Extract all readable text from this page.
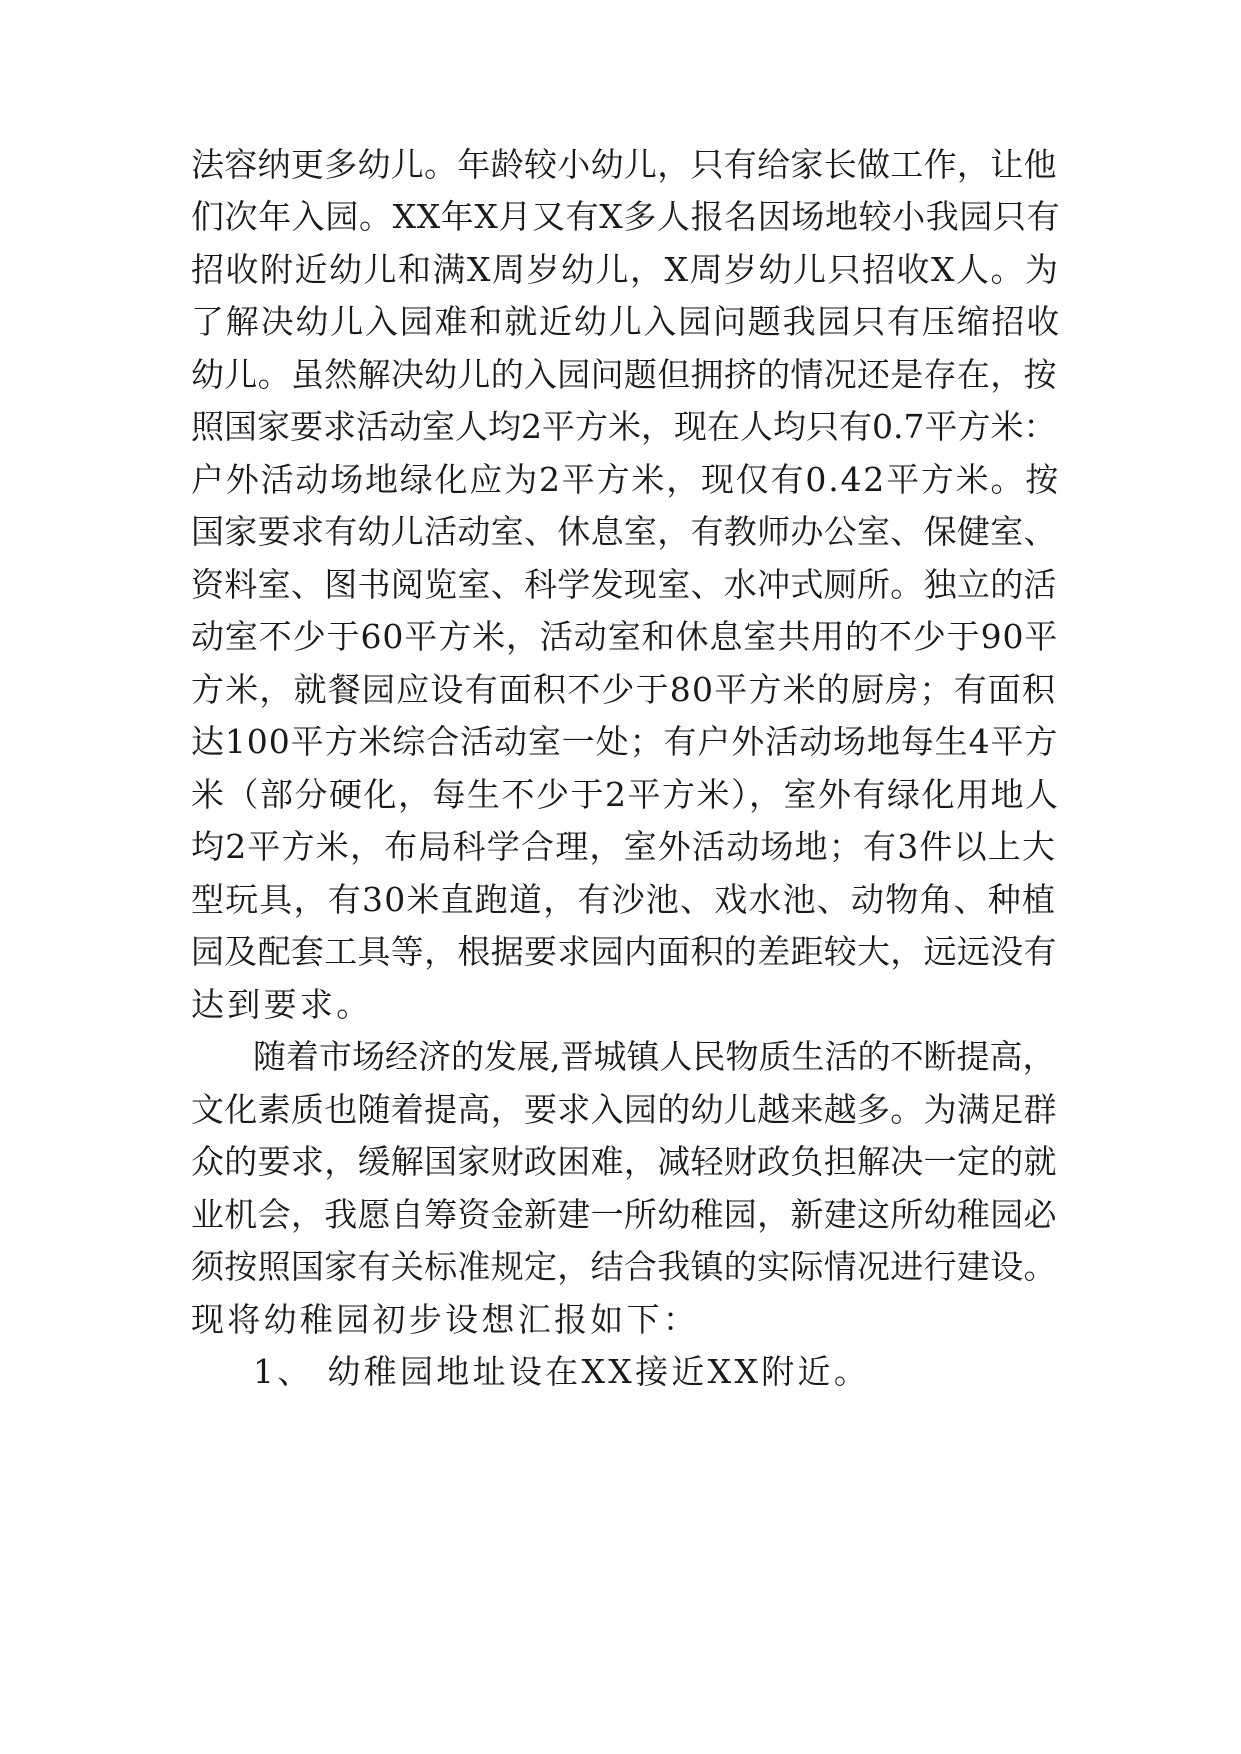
法容纳更多幼儿。年龄较小幼儿，只有给家长做工作，让他
们次年入园。XX年X月又有X多人报名因场地较小我园只有
招收附近幼儿和满X周岁幼儿，X周岁幼儿只招收X人。为
了解决幼儿入园难和就近幼儿入园问题我园只有压缩招收
幼儿。虽然解决幼儿的入园问题但拥挤的情况还是存在，按
照国家要求活动室人均2平方米，现在人均只有0.7平方米：
户外活动场地绿化应为2平方米，现仅有0.42平方米。按
国家要求有幼儿活动室、休息室，有教师办公室、保健室、
资料室、图书阅览室、科学发现室、水冲式厕所。独立的活
动室不少于60平方米，活动室和休息室共用的不少于90平
方米，就餐园应设有面积不少于80平方米的厨房；有面积
达100平方米综合活动室一处；有户外活动场地每生4平方
米（部分硬化，每生不少于2平方米），室外有绿化用地人
均2平方米，布局科学合理，室外活动场地；有3件以上大
型玩具，有30米直跑道，有沙池、戏水池、动物角、种植
园及配套工具等，根据要求园内面积的差距较大，远远没有
达到要求。
随着市场经济的发展,晋城镇人民物质生活的不断提高，
文化素质也随着提高，要求入园的幼儿越来越多。为满足群
众的要求，缓解国家财政困难，减轻财政负担解决一定的就
业机会，我愿自筹资金新建一所幼稚园，新建这所幼稚园必
须按照国家有关标准规定，结合我镇的实际情况进行建设。
现将幼稚园初步设想汇报如下：
1、 幼稚园地址设在XX接近XX附近。
